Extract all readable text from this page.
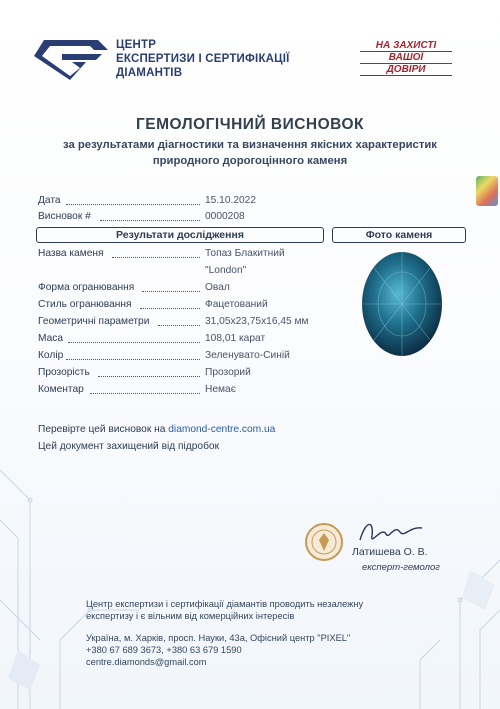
ЦЕНТР
ЕКСПЕРТИЗИ І СЕРТИФІКАЦІЇ
ДІАМАНТІВ
НА ЗАХИСТІ
ВАШОЇ
ДОВІРИ
ГЕМОЛОГІЧНИЙ ВИСНОВОК
за результатами діагностики та визначення якісних характеристик
природного дорогоцінного каменя
Дата	15.10.2022
Висновок #	0000208
Результати дослідження	Фото каменя
Назва каменя	Топаз Блакитний
"London"
Форма огранювання	Овал
Стиль огранювання	Фацетований
Геометричні параметри	31,05х23,75х16,45 мм
Маса	108,01 карат
Колір	Зеленувато-Синій
Прозорість	Прозорий
Коментар	Немає
Перевірте цей висновок на diamond-centre.com.ua
Цей документ захищений від підробок
Латишева О. В.
експерт-гемолог
Центр експертизи і сертифікації діамантів проводить незалежну
експертизу і є вільним від комерційних інтересів
Україна, м. Харків, просп. Науки, 43а, Офісний центр "PIXEL"
+380 67 689 3673, +380 63 679 1590
centre.diamonds@gmail.com
